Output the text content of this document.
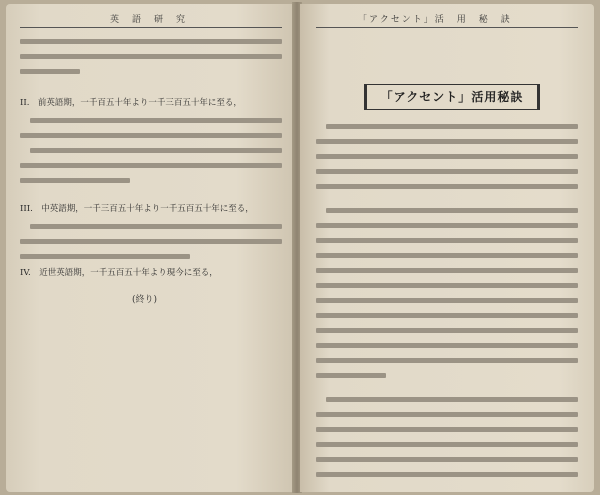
英　語　研　究
II.　前英語期，一千百五十年より一千三百五十年に至る，
III.　中英語期，一千三百五十年より一千五百五十年に至る，
IV.　近世英語期，一千五百五十年より現今に至る，
(終り)
「アクセント」活　用　秘　訣
「アクセント」活用秘訣
